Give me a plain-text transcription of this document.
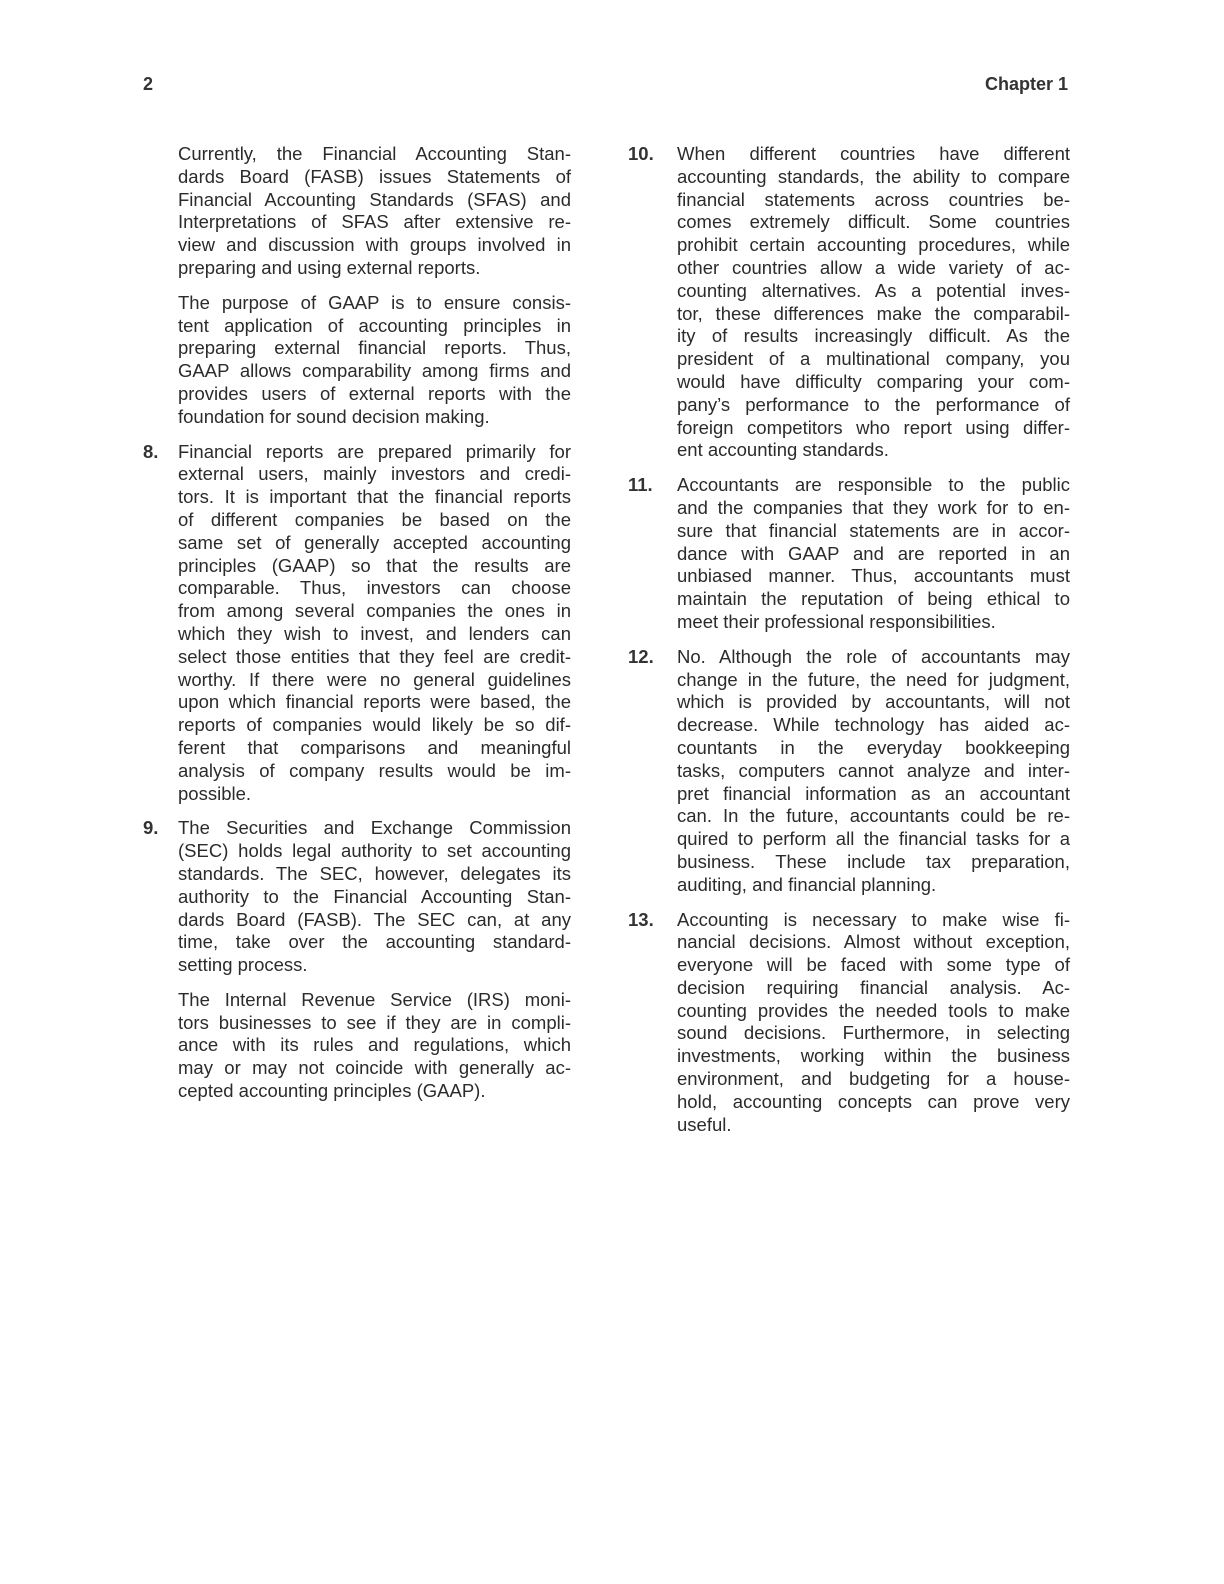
2	Chapter 1
Currently, the Financial Accounting Stan-
dards Board (FASB) issues Statements of
Financial Accounting Standards (SFAS) and
Interpretations of SFAS after extensive re-
view and discussion with groups involved in
preparing and using external reports.
The purpose of GAAP is to ensure consis-
tent application of accounting principles in
preparing external financial reports. Thus,
GAAP allows comparability among firms and
provides users of external reports with the
foundation for sound decision making.
8. Financial reports are prepared primarily for
external users, mainly investors and credi-
tors. It is important that the financial reports
of different companies be based on the
same set of generally accepted accounting
principles (GAAP) so that the results are
comparable. Thus, investors can choose
from among several companies the ones in
which they wish to invest, and lenders can
select those entities that they feel are credit-
worthy. If there were no general guidelines
upon which financial reports were based, the
reports of companies would likely be so dif-
ferent that comparisons and meaningful
analysis of company results would be im-
possible.
9. The Securities and Exchange Commission
(SEC) holds legal authority to set accounting
standards. The SEC, however, delegates its
authority to the Financial Accounting Stan-
dards Board (FASB). The SEC can, at any
time, take over the accounting standard-
setting process.
The Internal Revenue Service (IRS) moni-
tors businesses to see if they are in compli-
ance with its rules and regulations, which
may or may not coincide with generally ac-
cepted accounting principles (GAAP).
10. When different countries have different
accounting standards, the ability to compare
financial statements across countries be-
comes extremely difficult. Some countries
prohibit certain accounting procedures, while
other countries allow a wide variety of ac-
counting alternatives. As a potential inves-
tor, these differences make the comparabil-
ity of results increasingly difficult. As the
president of a multinational company, you
would have difficulty comparing your com-
pany’s performance to the performance of
foreign competitors who report using differ-
ent accounting standards.
11. Accountants are responsible to the public
and the companies that they work for to en-
sure that financial statements are in accor-
dance with GAAP and are reported in an
unbiased manner. Thus, accountants must
maintain the reputation of being ethical to
meet their professional responsibilities.
12. No. Although the role of accountants may
change in the future, the need for judgment,
which is provided by accountants, will not
decrease. While technology has aided ac-
countants in the everyday bookkeeping
tasks, computers cannot analyze and inter-
pret financial information as an accountant
can. In the future, accountants could be re-
quired to perform all the financial tasks for a
business. These include tax preparation,
auditing, and financial planning.
13. Accounting is necessary to make wise fi-
nancial decisions. Almost without exception,
everyone will be faced with some type of
decision requiring financial analysis. Ac-
counting provides the needed tools to make
sound decisions. Furthermore, in selecting
investments, working within the business
environment, and budgeting for a house-
hold, accounting concepts can prove very
useful.
